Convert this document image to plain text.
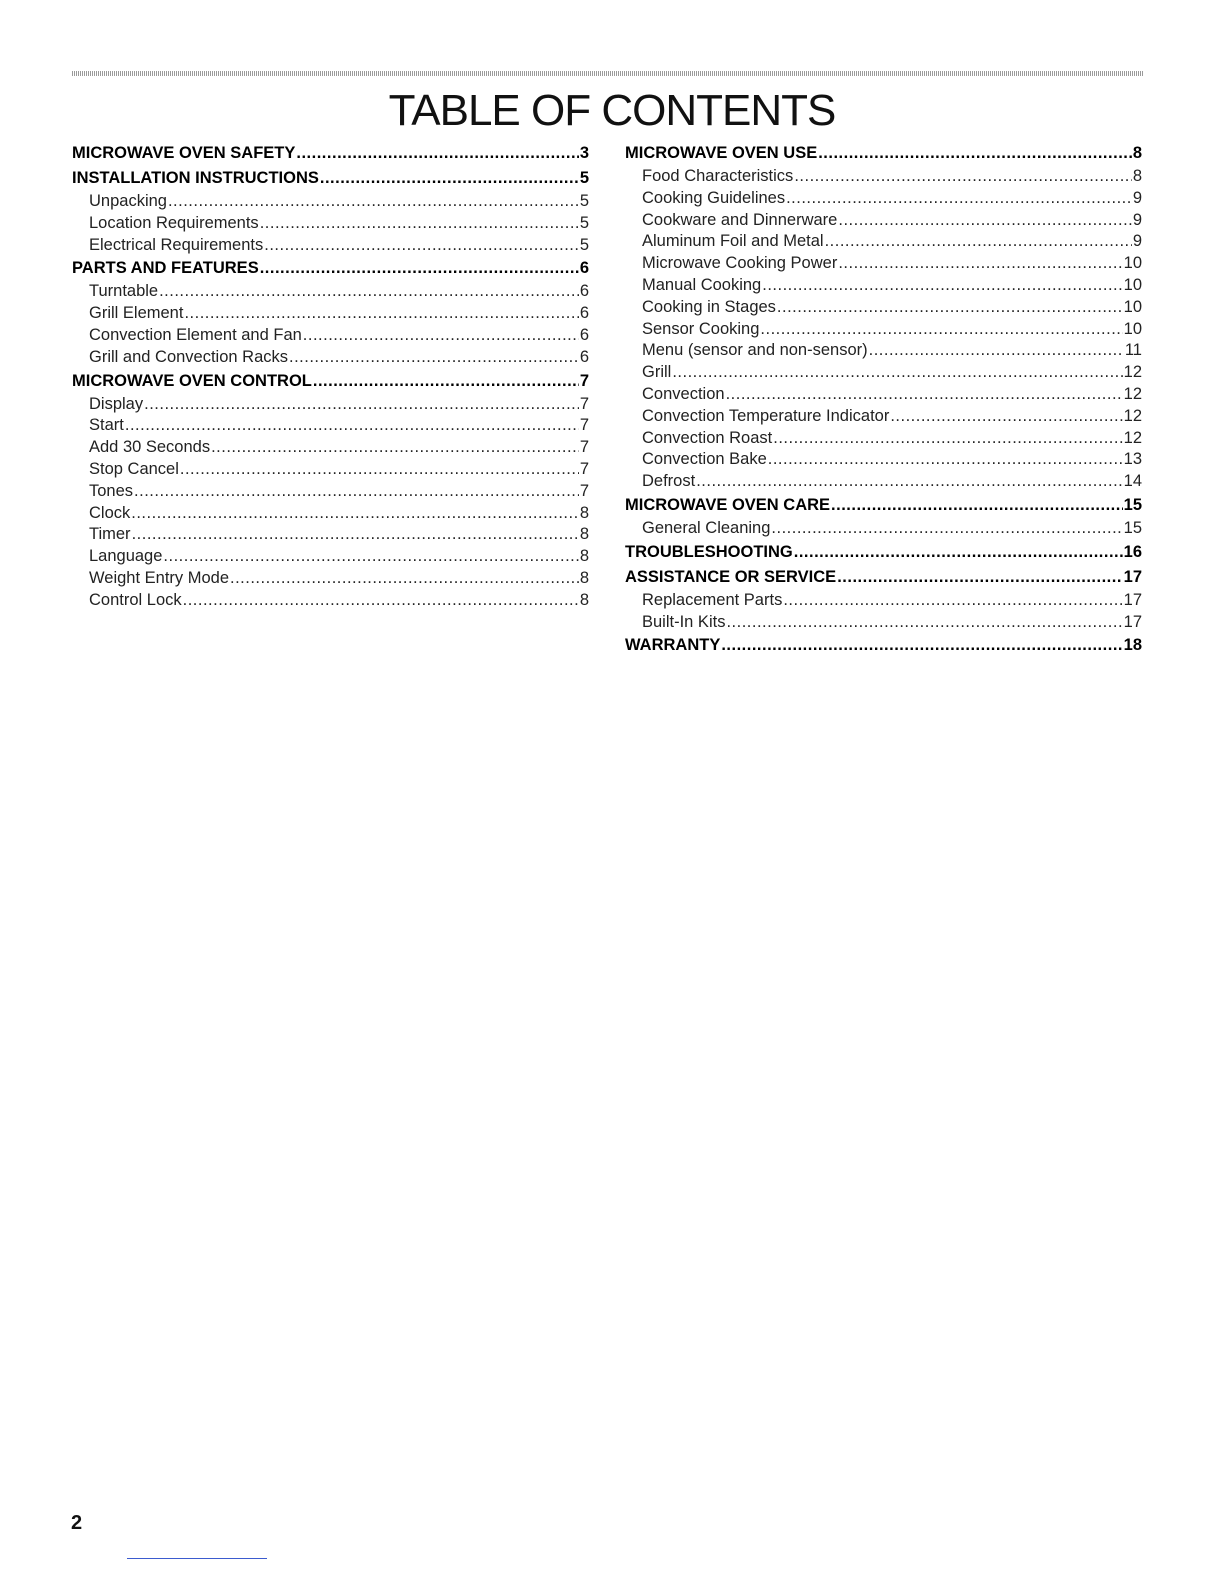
TABLE OF CONTENTS
MICROWAVE OVEN SAFETY .....	3
INSTALLATION INSTRUCTIONS .....	5
Unpacking .....	5
Location Requirements .....	5
Electrical Requirements .....	5
PARTS AND FEATURES .....	6
Turntable .....	6
Grill Element .....	6
Convection Element and Fan .....	6
Grill and Convection Racks .....	6
MICROWAVE OVEN CONTROL .....	7
Display .....	7
Start .....	7
Add 30 Seconds .....	7
Stop Cancel .....	7
Tones .....	7
Clock .....	8
Timer .....	8
Language .....	8
Weight Entry Mode .....	8
Control Lock .....	8
MICROWAVE OVEN USE .....	8
Food Characteristics .....	8
Cooking Guidelines .....	9
Cookware and Dinnerware .....	9
Aluminum Foil and Metal .....	9
Microwave Cooking Power .....	10
Manual Cooking .....	10
Cooking in Stages .....	10
Sensor Cooking .....	10
Menu (sensor and non-sensor) .....	11
Grill .....	12
Convection .....	12
Convection Temperature Indicator .....	12
Convection Roast .....	12
Convection Bake .....	13
Defrost .....	14
MICROWAVE OVEN CARE .....	15
General Cleaning .....	15
TROUBLESHOOTING .....	16
ASSISTANCE OR SERVICE .....	17
Replacement Parts .....	17
Built-In Kits .....	17
WARRANTY .....	18
2
